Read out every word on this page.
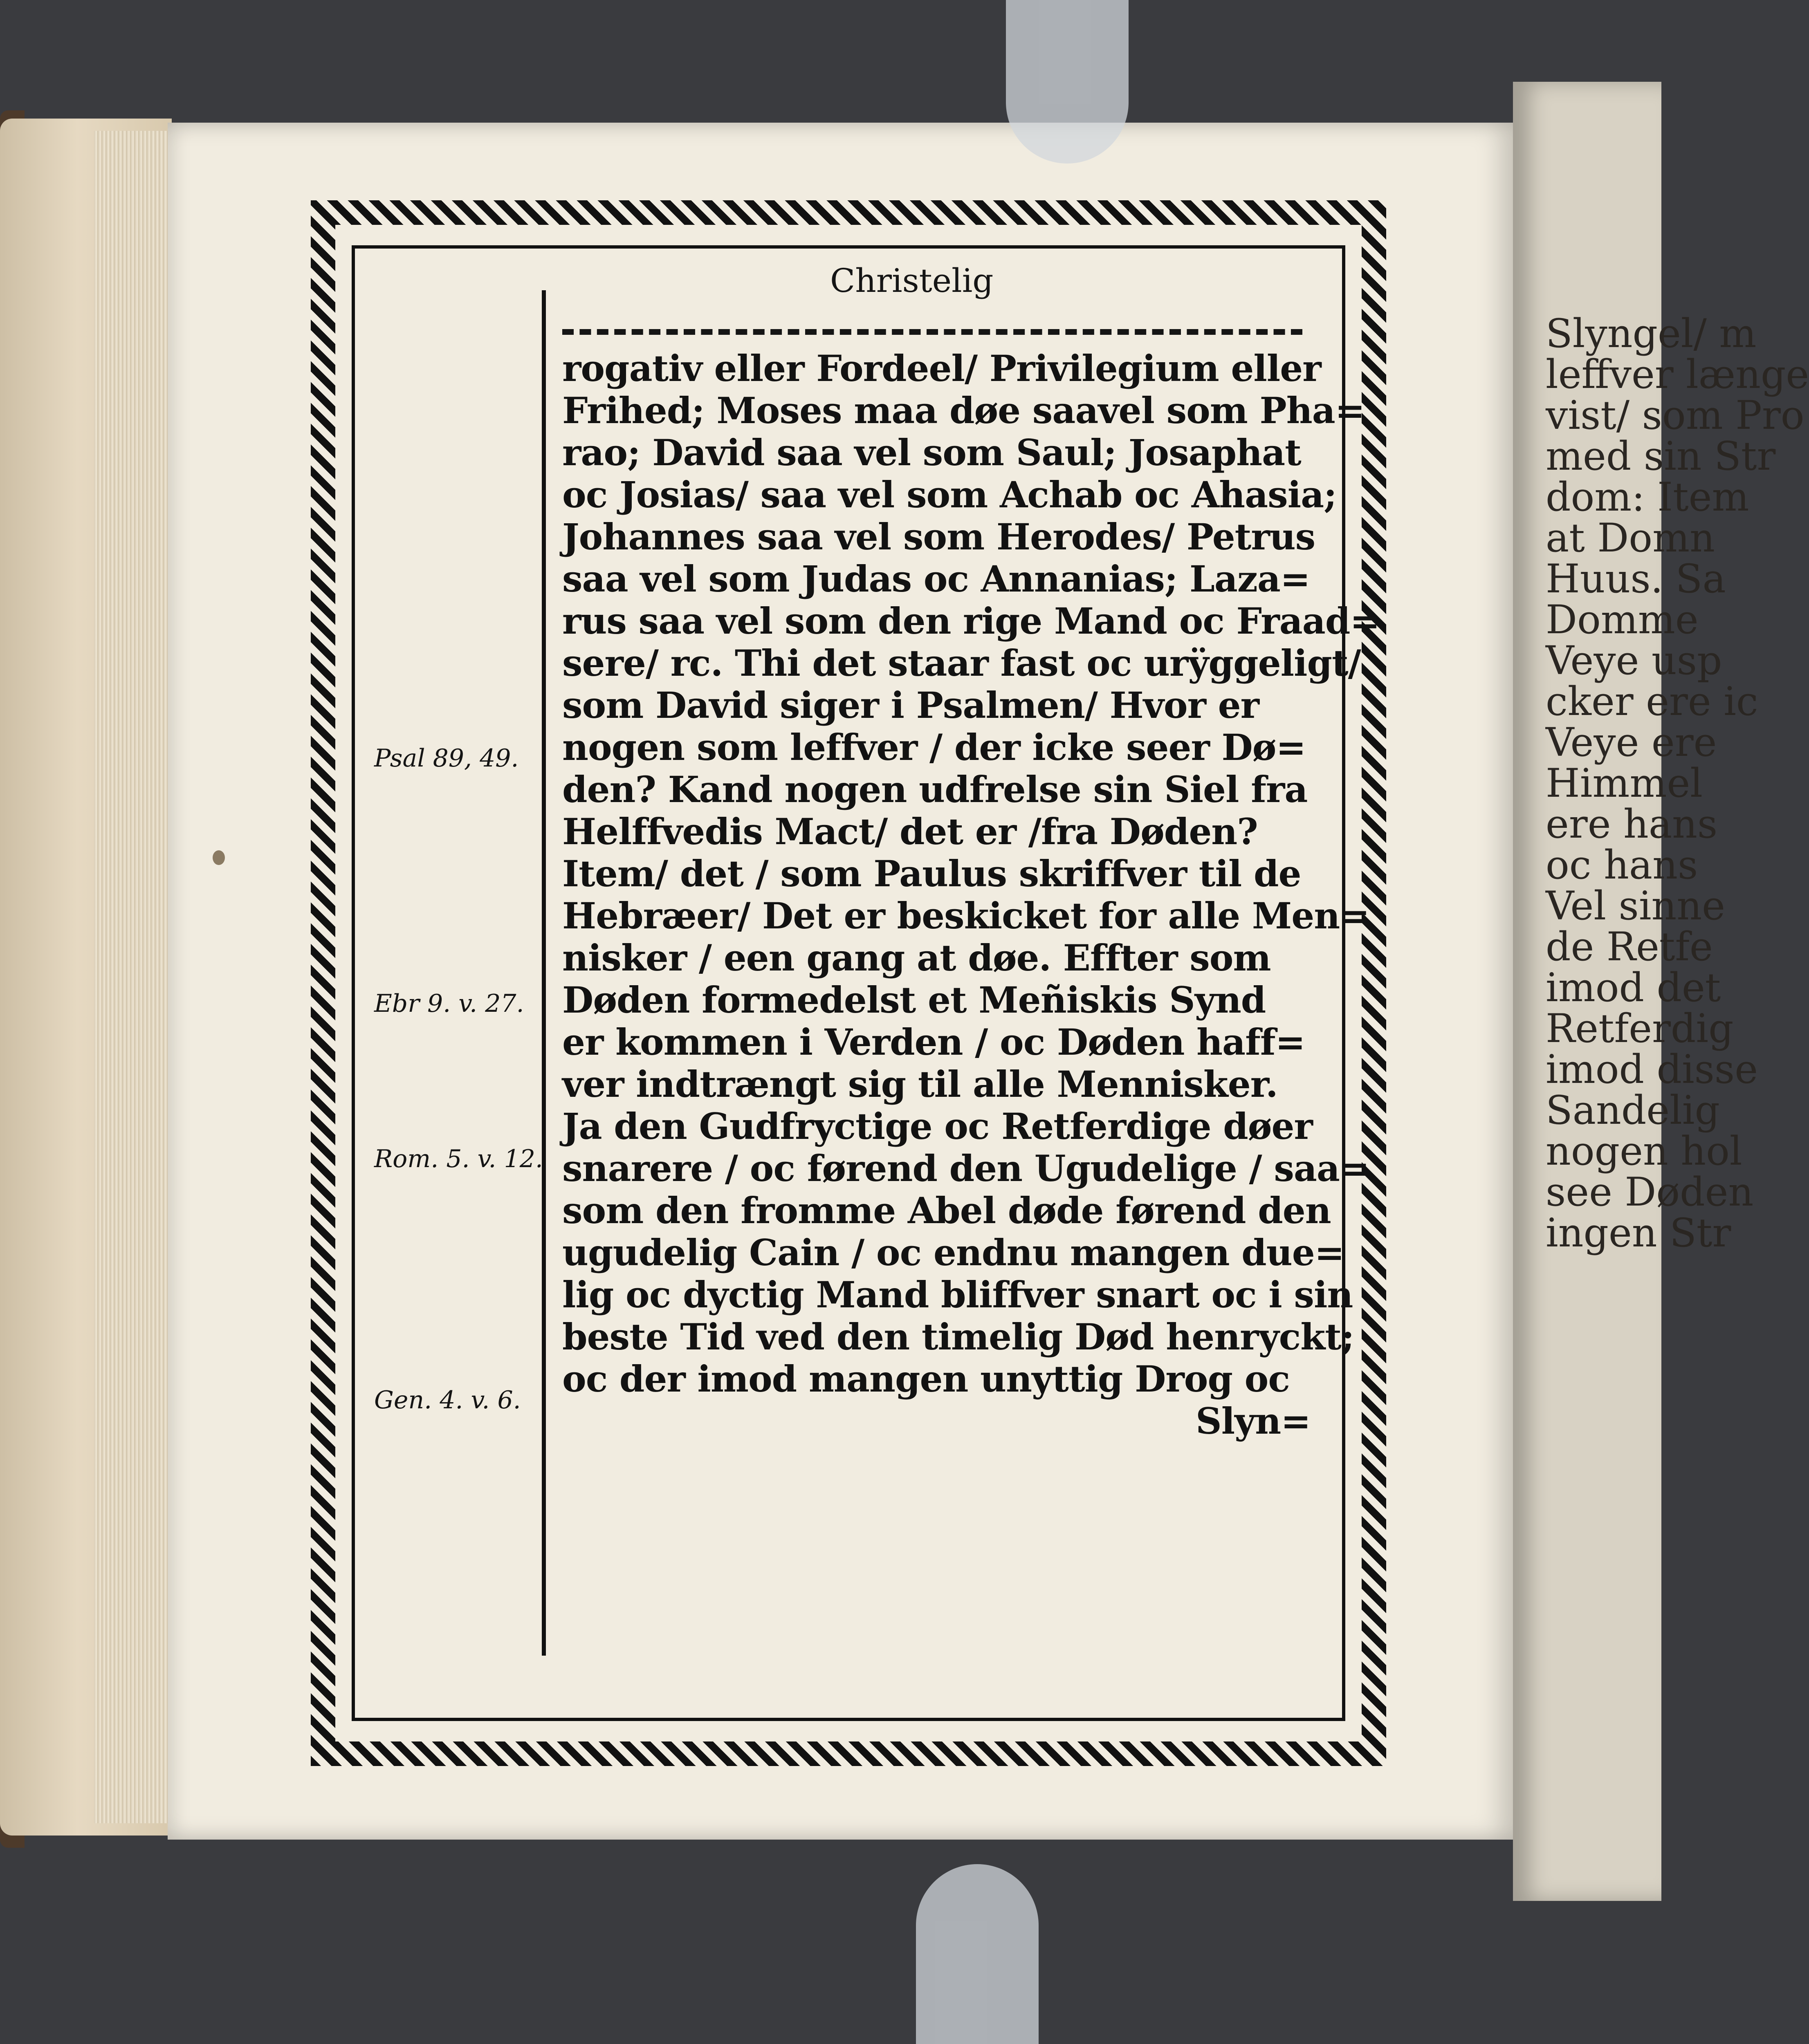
Slyngel/ m
leffver længe
vist/ som Pro
med sin Str
dom: Item
at Domn
Huus. Sa
Domme
Veye usp
cker ere ic
Veye ere
Himmel
ere hans
oc hans
Vel sinne
de Retfe
imod det
Retferdig
imod disse
Sandelig
nogen hol
see Døden
ingen Str
Christelig
rogativ eller Fordeel/ Privilegium eller
Frihed; Moses maa døe saavel som Pha=
rao; David saa vel som Saul; Josaphat
oc Josias/ saa vel som Achab oc Ahasia;
Johannes saa vel som Herodes/ Petrus
saa vel som Judas oc Annanias; Laza=
rus saa vel som den rige Mand oc Fraad=
sere/ rc. Thi det staar fast oc urÿggeligt/
som David siger i Psalmen/ Hvor er
nogen som leffver / der icke seer Dø=
den? Kand nogen udfrelse sin Siel fra
Helffvedis Mact/ det er /fra Døden?
Item/ det / som Paulus skriffver til de
Hebræer/ Det er beskicket for alle Men=
nisker / een gang at døe. Effter som
Døden formedelst et Meñiskis Synd
er kommen i Verden / oc Døden haff=
ver indtrængt sig til alle Mennisker.
Ja den Gudfryctige oc Retferdige døer
snarere / oc førend den Ugudelige / saa=
som den fromme Abel døde førend den
ugudelig Cain / oc endnu mangen due=
lig oc dyctig Mand bliffver snart oc i sin
beste Tid ved den timelig Død henryckt;
oc der imod mangen unyttig Drog oc
Slyn=
Psal 89, 49.
Ebr 9. v. 27.
Rom. 5. v. 12.
Gen. 4. v. 6.
